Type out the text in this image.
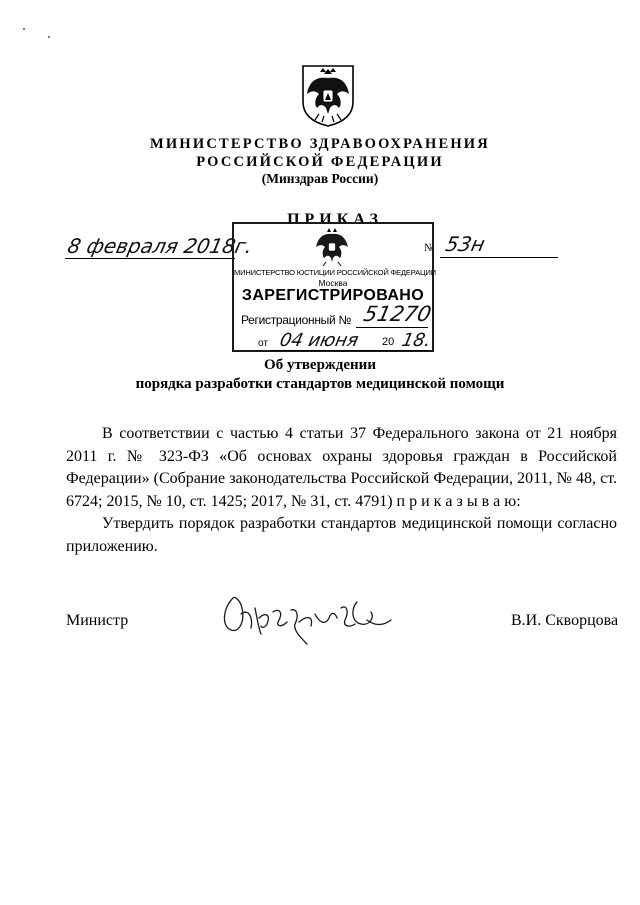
МИНИСТЕРСТВО ЗДРАВООХРАНЕНИЯ
РОССИЙСКОЙ ФЕДЕРАЦИИ
(Минздрав России)
ПРИКАЗ
8 февраля 2018г.	№ 53н
МИНИСТЕРСТВО ЮСТИЦИИ РОССИЙСКОЙ ФЕДЕРАЦИИ
Москва
ЗАРЕГИСТРИРОВАНО
Регистрационный № 51270
от 04 июня 20 18.
Об утверждении
порядка разработки стандартов медицинской помощи

В соответствии с частью 4 статьи 37 Федерального закона от 21 ноября 2011 г. № 323-ФЗ «Об основах охраны здоровья граждан в Российской Федерации» (Собрание законодательства Российской Федерации, 2011, № 48, ст. 6724; 2015, № 10, ст. 1425; 2017, № 31, ст. 4791) п р и к а з ы в а ю:

Утвердить порядок разработки стандартов медицинской помощи согласно приложению.

Министр	В.И. Скворцова
